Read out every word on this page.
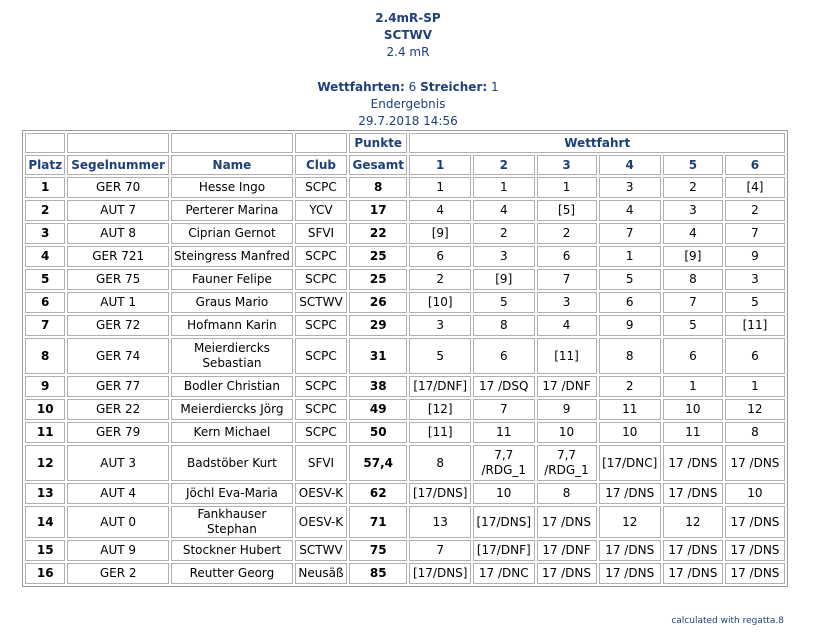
2.4mR-SP
SCTWV
2.4 mR
Wettfahrten: 6 Streicher: 1
Endergebnis
29.7.2018 14:56
				Punkte	Wettfahrt					
Platz	Segelnummer	Name	Club	Gesamt	1	2	3	4	5	6
1	GER 70	Hesse Ingo	SCPC	8	1	1	1	3	2	[4]
2	AUT 7	Perterer Marina	YCV	17	4	4	[5]	4	3	2
3	AUT 8	Ciprian Gernot	SFVI	22	[9]	2	2	7	4	7
4	GER 721	Steingress Manfred	SCPC	25	6	3	6	1	[9]	9
5	GER 75	Fauner Felipe	SCPC	25	2	[9]	7	5	8	3
6	AUT 1	Graus Mario	SCTWV	26	[10]	5	3	6	7	5
7	GER 72	Hofmann Karin	SCPC	29	3	8	4	9	5	[11]
8	GER 74	Meierdiercks Sebastian	SCPC	31	5	6	[11]	8	6	6
9	GER 77	Bodler Christian	SCPC	38	[17/DNF]	17 /DSQ	17 /DNF	2	1	1
10	GER 22	Meierdiercks Jörg	SCPC	49	[12]	7	9	11	10	12
11	GER 79	Kern Michael	SCPC	50	[11]	11	10	10	11	8
12	AUT 3	Badstöber Kurt	SFVI	57,4	8	7,7 /RDG_1	7,7 /RDG_1	[17/DNC]	17 /DNS	17 /DNS
13	AUT 4	Jöchl Eva-Maria	OESV-K	62	[17/DNS]	10	8	17 /DNS	17 /DNS	10
14	AUT 0	Fankhauser Stephan	OESV-K	71	13	[17/DNS]	17 /DNS	12	12	17 /DNS
15	AUT 9	Stockner Hubert	SCTWV	75	7	[17/DNF]	17 /DNF	17 /DNS	17 /DNS	17 /DNS
16	GER 2	Reutter Georg	Neusäß	85	[17/DNS]	17 /DNC	17 /DNS	17 /DNS	17 /DNS	17 /DNS
calculated with regatta.8
